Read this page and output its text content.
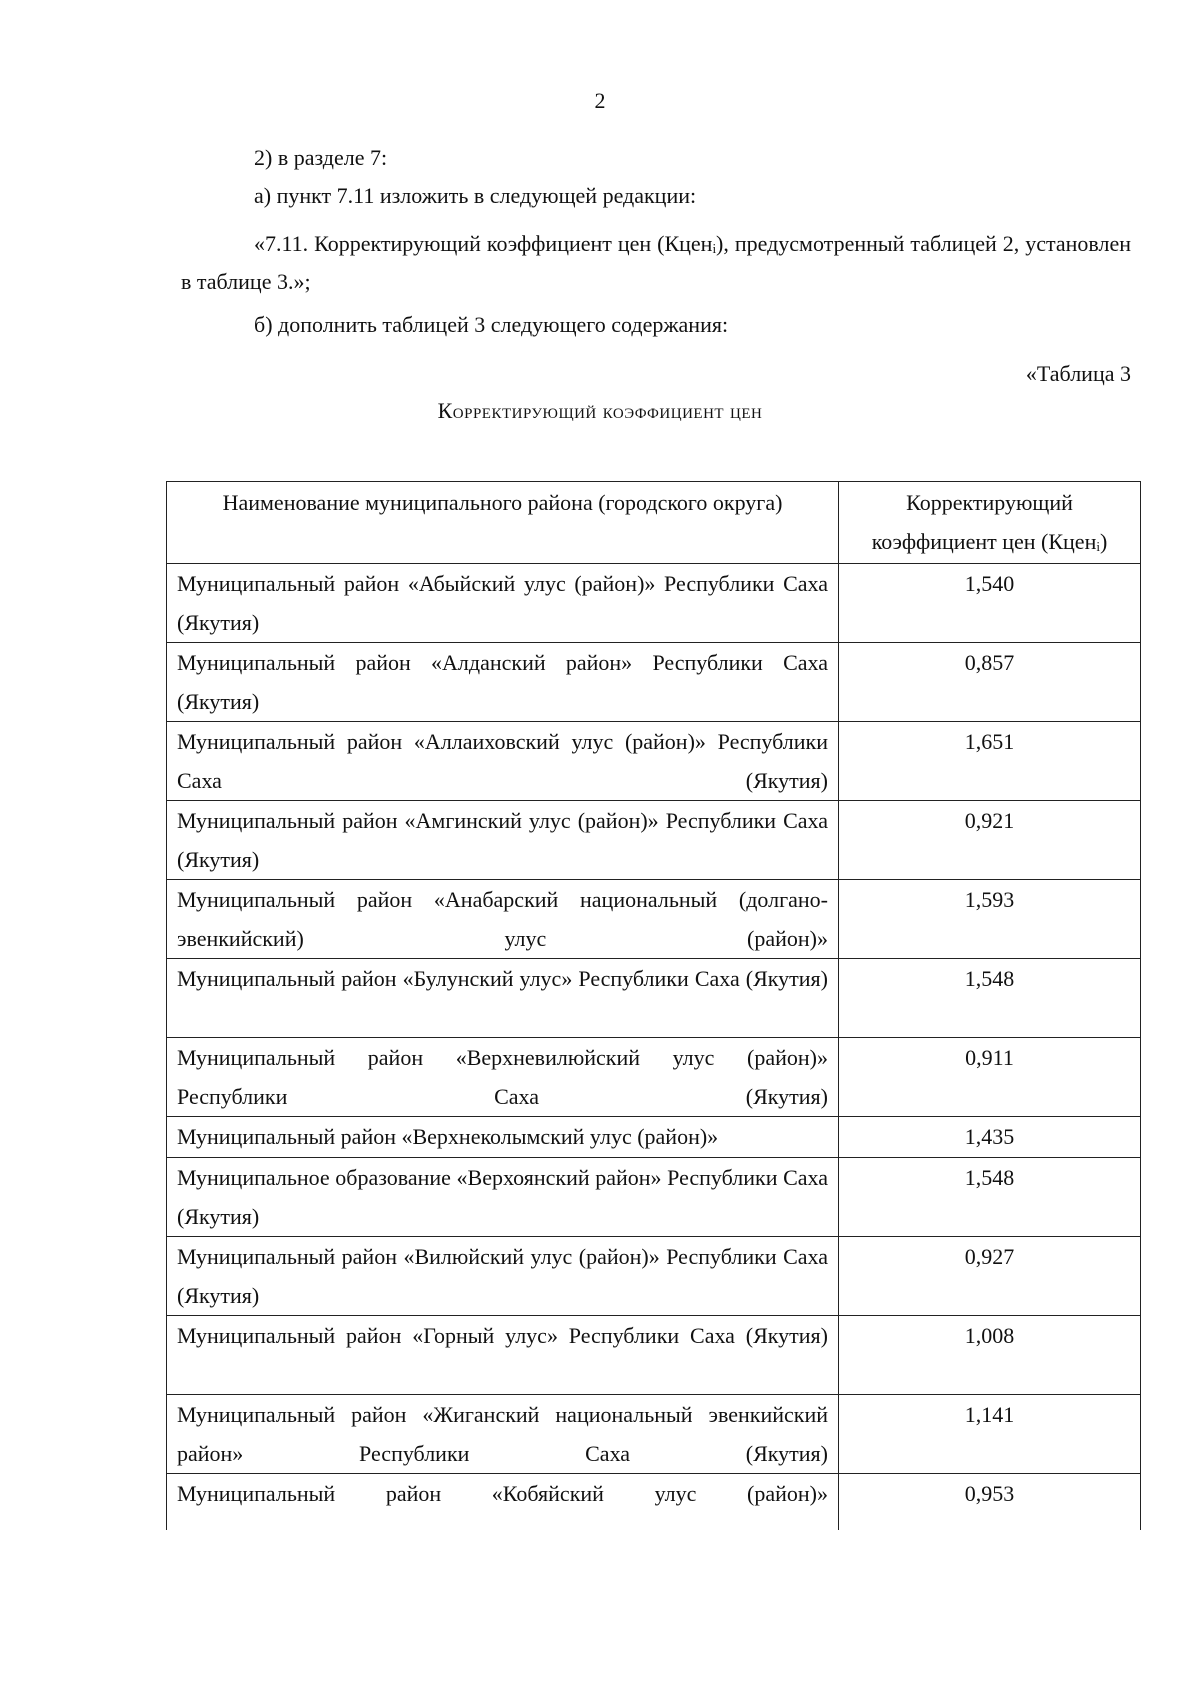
2
2) в разделе 7:
а) пункт 7.11 изложить в следующей редакции:
«7.11. Корректирующий коэффициент цен (Кценᵢ), предусмотренный таблицей 2, установлен в таблице 3.»;
б) дополнить таблицей 3 следующего содержания:
«Таблица 3
Корректирующий коэффициент цен
Наименование муниципального района (городского округа)	Корректирующий коэффициент цен (Кценᵢ)
Муниципальный район «Абыйский улус (район)» Республики Саха (Якутия)	1,540
Муниципальный район «Алданский район» Республики Саха (Якутия)	0,857
Муниципальный район «Аллаиховский улус (район)» Республики Саха (Якутия)	1,651
Муниципальный район «Амгинский улус (район)» Республики Саха (Якутия)	0,921
Муниципальный район «Анабарский национальный (долгано-эвенкийский) улус (район)»	1,593
Муниципальный район «Булунский улус» Республики Саха (Якутия)	1,548
Муниципальный район «Верхневилюйский улус (район)» Республики Саха (Якутия)	0,911
Муниципальный район «Верхнеколымский улус (район)»	1,435
Муниципальное образование «Верхоянский район» Республики Саха (Якутия)	1,548
Муниципальный район «Вилюйский улус (район)» Республики Саха (Якутия)	0,927
Муниципальный район «Горный улус» Республики Саха (Якутия)	1,008
Муниципальный район «Жиганский национальный эвенкийский район» Республики Саха (Якутия)	1,141
Муниципальный район «Кобяйский улус (район)»	0,953
